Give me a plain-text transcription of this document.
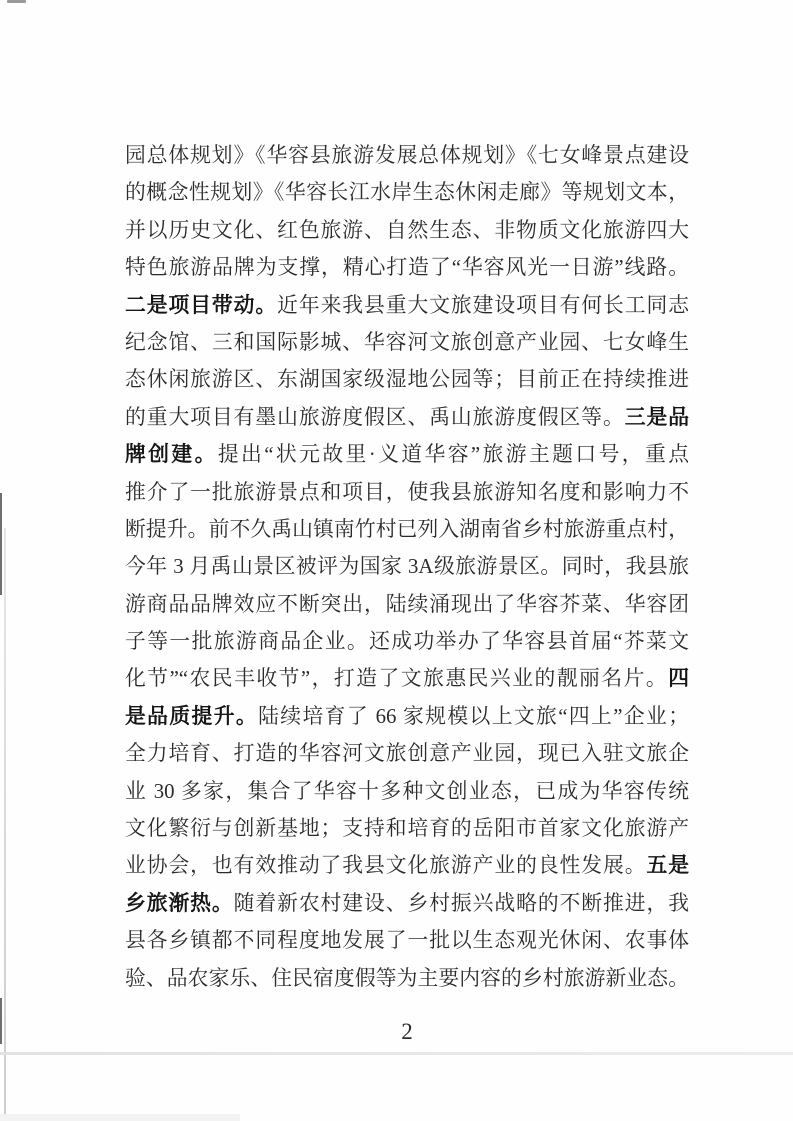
园总体规划》《华容县旅游发展总体规划》《七女峰景点建设
的概念性规划》《华容长江水岸生态休闲走廊》等规划文本，
并以历史文化、红色旅游、自然生态、非物质文化旅游四大
特色旅游品牌为支撑，精心打造了“华容风光一日游”线路。
二是项目带动。近年来我县重大文旅建设项目有何长工同志
纪念馆、三和国际影城、华容河文旅创意产业园、七女峰生
态休闲旅游区、东湖国家级湿地公园等；目前正在持续推进
的重大项目有墨山旅游度假区、禹山旅游度假区等。三是品
牌创建。提出“状元故里·义道华容”旅游主题口号，重点
推介了一批旅游景点和项目，使我县旅游知名度和影响力不
断提升。前不久禹山镇南竹村已列入湖南省乡村旅游重点村，
今年 3 月禹山景区被评为国家 3A级旅游景区。同时，我县旅
游商品品牌效应不断突出，陆续涌现出了华容芥菜、华容团
子等一批旅游商品企业。还成功举办了华容县首届“芥菜文
化节”“农民丰收节”，打造了文旅惠民兴业的靓丽名片。四
是品质提升。陆续培育了 66 家规模以上文旅“四上”企业；
全力培育、打造的华容河文旅创意产业园，现已入驻文旅企
业 30 多家，集合了华容十多种文创业态，已成为华容传统
文化繁衍与创新基地；支持和培育的岳阳市首家文化旅游产
业协会，也有效推动了我县文化旅游产业的良性发展。五是
乡旅渐热。随着新农村建设、乡村振兴战略的不断推进，我
县各乡镇都不同程度地发展了一批以生态观光休闲、农事体
验、品农家乐、住民宿度假等为主要内容的乡村旅游新业态。
2
